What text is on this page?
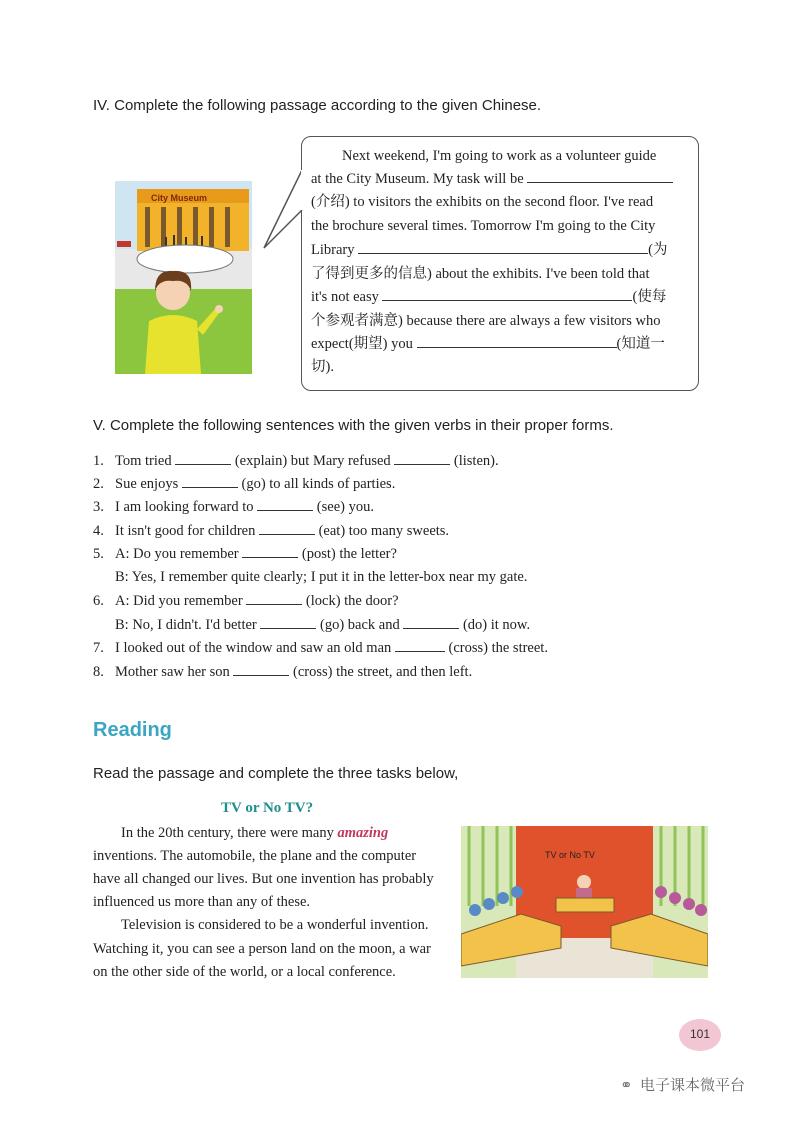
IV. Complete the following passage according to the given Chinese.
City Museum
Next weekend, I'm going to work as a volunteer guide
at the City Museum. My task will be
(介绍) to visitors the exhibits on the second floor. I've read
the brochure several times. Tomorrow I'm going to the City
Library	(为
了得到更多的信息) about the exhibits. I've been told that
it's not easy	(使每
个参观者满意) because there are always a few visitors who
expect(期望) you	(知道一
切).
V. Complete the following sentences with the given verbs in their proper forms.
1. Tom tried	(explain) but Mary refused	(listen).
2. Sue enjoys	(go) to all kinds of parties.
3. I am looking forward to	(see) you.
4. It isn't good for children	(eat) too many sweets.
5. A: Do you remember	(post) the letter?
B: Yes, I remember quite clearly; I put it in the letter-box near my gate.
6. A: Did you remember	(lock) the door?
B: No, I didn't. I'd better	(go) back and	(do) it now.
7. I looked out of the window and saw an old man	(cross) the street.
8. Mother saw her son	(cross) the street, and then left.
Reading
Read the passage and complete the three tasks below,
TV or No TV?
In the 20th century, there were many amazing
inventions. The automobile, the plane and the computer
have all changed our lives. But one invention has probably
influenced us more than any of these.
Television is considered to be a wonderful invention.
Watching it, you can see a person land on the moon, a war
on the other side of the world, or a local conference.
TV or No TV
101
⚭ 电子课本微平台
